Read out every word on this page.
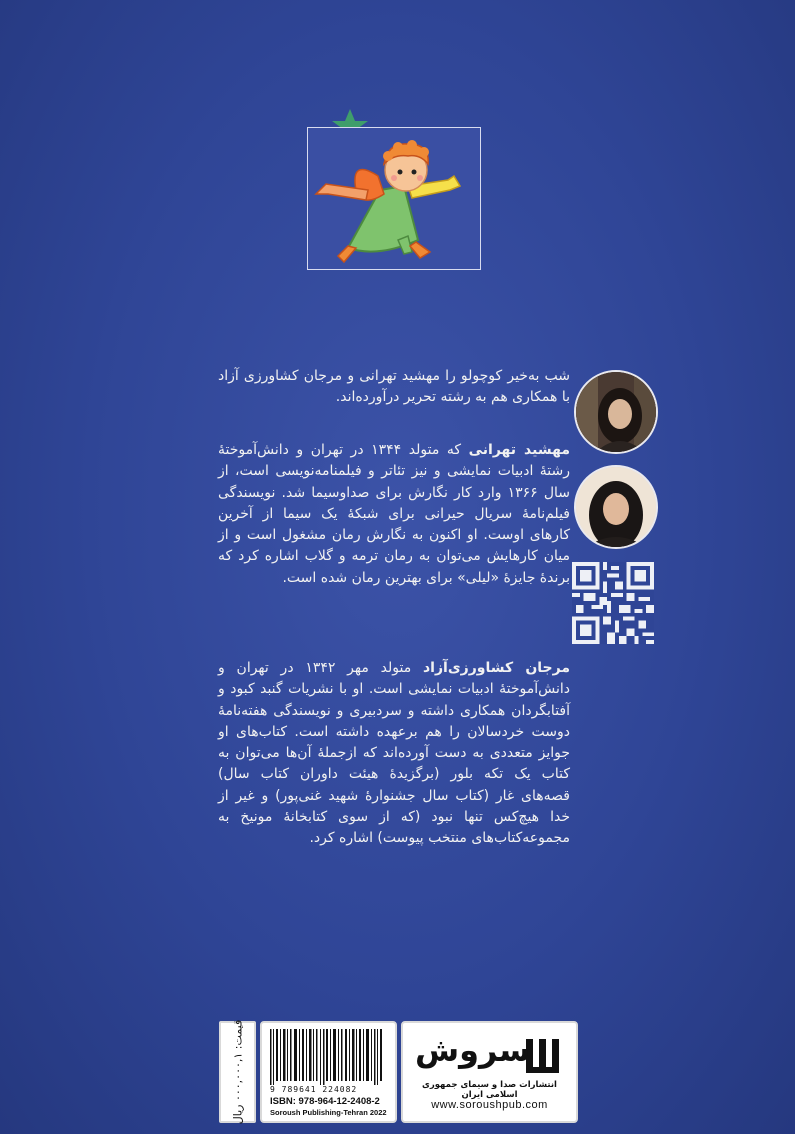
شب به‌خیر کوچولو را مهشید تهرانی و مرجان کشاورزی آزاد با همکاری هم به رشته تحریر درآورده‌اند.

مهشید تهرانی که متولد ۱۳۴۴ در تهران و دانش‌آموختهٔ رشتهٔ ادبیات نمایشی و نیز تئاتر و فیلمنامه‌نویسی است، از سال ۱۳۶۶ وارد کار نگارش برای صداوسیما شد. نویسندگی فیلم‌نامهٔ سریال حیرانی برای شبکهٔ یک سیما از آخرین کارهای اوست. او اکنون به نگارش رمان مشغول است و از میان کارهایش می‌توان به رمان ترمه و گلاب اشاره کرد که برندهٔ جایزهٔ «لیلی» برای بهترین رمان شده است.

مرجان کشاورزی‌آزاد متولد مهر ۱۳۴۲ در تهران و دانش‌آموختهٔ ادبیات نمایشی است. او با نشریات گنبد کبود و آفتابگردان همکاری داشته و سردبیری و نویسندگی هفته‌نامهٔ دوست خردسالان را هم برعهده داشته است. کتاب‌های او جوایز متعددی به دست آورده‌اند که ازجملهٔ آن‌ها می‌توان به کتاب یک تکه بلور (برگزیدهٔ هیئت داوران کتاب سال) قصه‌های غار (کتاب سال جشنوارهٔ شهید غنی‌پور) و غیر از خدا هیچ‌کس تنها نبود (که از سوی کتابخانهٔ مونیخ به مجموعه‌کتاب‌های منتخب پیوست) اشاره کرد.

قیمت: ۰۰۰,۰۰۰,۱ ریال
9 789641 224082
ISBN: 978-964-12-2408-2
Soroush Publishing-Tehran 2022
سروش
انتشارات صدا و سیمای جمهوری اسلامی ایران
www.soroushpub.com
